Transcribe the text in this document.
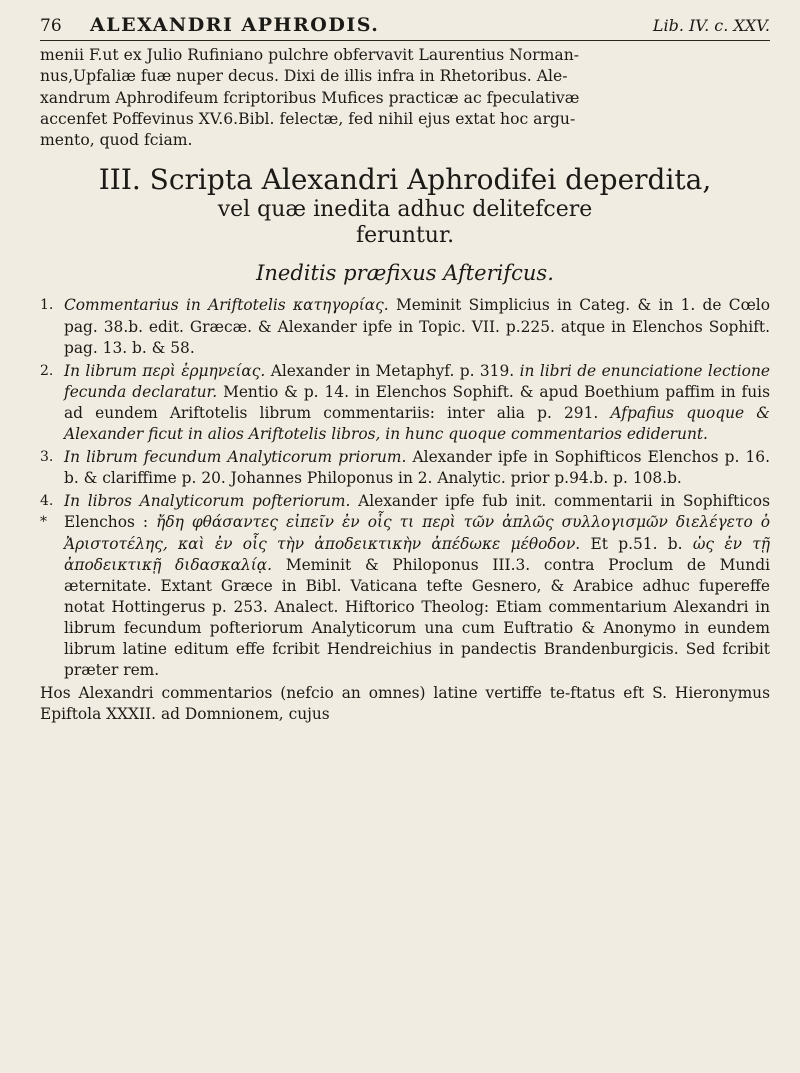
76	ALEXANDRI APHRODIS.	Lib. IV. c. XXV.

menii F.ut ex Julio Rufiniano pulchre obfervavit Laurentius Norman-

nus,Upfaliæ fuæ nuper decus. Dixi de illis infra in Rhetoribus. Ale-

xandrum Aphrodifeum fcriptoribus Mufices practicæ ac fpeculativæ

accenfet Poffevinus XV.6.Bibl. felectæ, fed nihil ejus extat hoc argu-

mento, quod fciam.

III. Scripta Alexandri Aphrodifei deperdita,
vel quæ inedita adhuc delitefcere
feruntur.
Ineditis præfixus Afterifcus.
1. Commentarius in Ariftotelis κατηγορίας. Meminit Simplicius in Categ. & in 1. de Cœlo pag. 38.b. edit. Græcæ. & Alexander ipfe in Topic. VII. p.225. atque in Elenchos Sophift. pag. 13. b. & 58.
2. In librum περὶ ἑρμηνείας. Alexander in Metaphyf. p. 319. in libri de enunciatione lectione fecunda declaratur. Mentio & p. 14. in Elenchos Sophift. & apud Boethium paffim in fuis ad eundem Ariftotelis librum commentariis: inter alia p. 291. Afpafius quoque & Alexander ficut in alios Ariftotelis libros, in hunc quoque commentarios ediderunt.
3. In librum fecundum Analyticorum priorum. Alexander ipfe in Sophifticos Elenchos p. 16. b. & clariffime p. 20. Johannes Philoponus in 2. Analytic. prior p.94.b. p. 108.b.
4. *
In libros Analyticorum pofteriorum. Alexander ipfe fub init. commentarii in Sophifticos Elenchos : ἤδη φθάσαντες εἰπεῖν ἐν οἷς τι περὶ τῶν ἀπλῶς συλλογισμῶν διελέγετο ὁ Ἀριστοτέλης, καὶ ἐν οἷς τὴν ἀποδεικτικὴν ἀπέδωκε μέθοδον. Et p.51. b. ὡς ἐν τῇ ἀποδεικτικῇ διδασκαλίᾳ. Meminit & Philoponus III.3. contra Proclum de Mundi æternitate. Extant Græce in Bibl. Vaticana tefte Gesnero, & Arabice adhuc fupereffe notat Hottingerus p. 253. Analect. Hiftorico Theolog: Etiam commentarium Alexandri in librum fecundum pofteriorum Analyticorum una cum Euftratio & Anonymo in eundem librum latine editum effe fcribit Hendreichius in pandectis Brandenburgicis. Sed fcribit præter rem.
Hos Alexandri commentarios (nefcio an omnes) latine vertiffe te-ftatus eft S. Hieronymus Epiftola XXXII. ad Domnionem, cujus
